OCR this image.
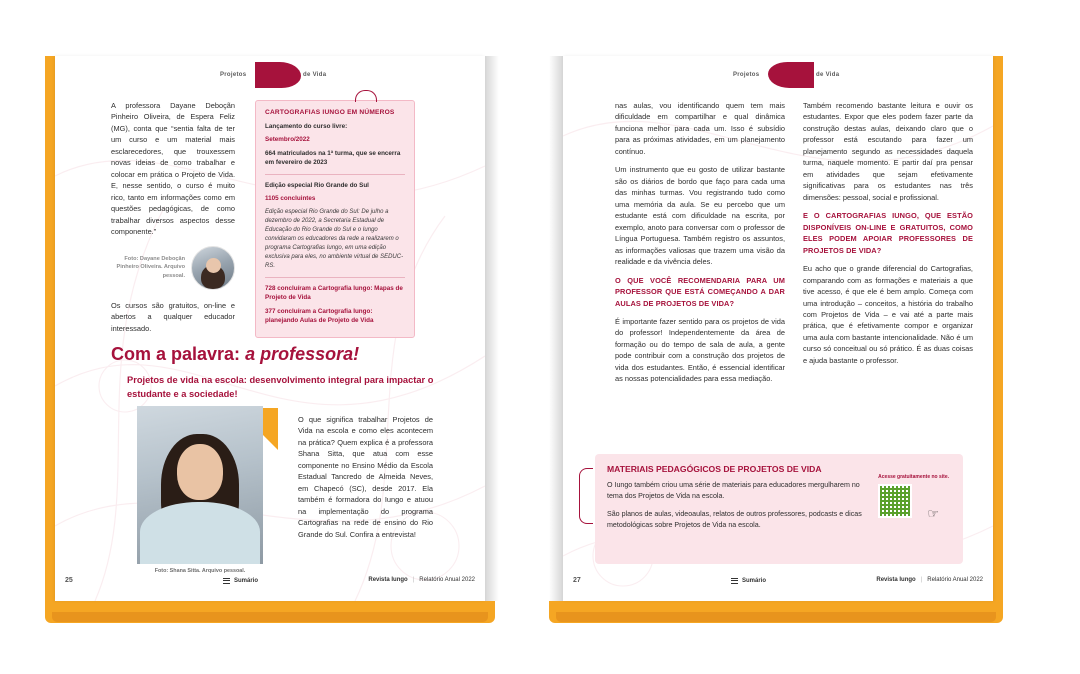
Projetos	de Vida

A professora Dayane Deboçãn Pinheiro Oliveira, de Espera Feliz (MG), conta que “sentia falta de ter um curso e um material mais esclarecedores, que trouxessem novas ideias de como trabalhar e colocar em prática o Projeto de Vida. E, nesse sentido, o curso é muito rico, tanto em informações como em questões pedagógicas, de como trabalhar diversos aspectos desse componente.”

Foto: Dayane Deboçãn Pinheiro Oliveira. Arquivo pessoal.

Os cursos são gratuitos, on-line e abertos a qualquer educador interessado.

CARTOGRAFIAS IUNGO EM NÚMEROS
Lançamento do curso livre:
Setembro/2022
664 matriculados na 1ª turma, que se encerra em fevereiro de 2023
Edição especial Rio Grande do Sul
1105 concluintes
Edição especial Rio Grande do Sul: De julho a dezembro de 2022, a Secretaria Estadual de Educação do Rio Grande do Sul e o Iungo convidaram os educadores da rede a realizarem o programa Cartografias Iungo, em uma edição exclusiva para eles, no ambiente virtual de SEDUC-RS.
728 concluíram a Cartografia Iungo: Mapas de Projeto de Vida
377 concluíram a Cartografia Iungo: planejando Aulas de Projeto de Vida
Com a palavra: a professora!
Projetos de vida na escola: desenvolvimento integral para impactar o estudante e a sociedade!
Foto: Shana Sitta. Arquivo pessoal.

O que significa trabalhar Projetos de Vida na escola e como eles acontecem na prática? Quem explica é a professora Shana Sitta, que atua com esse componente no Ensino Médio da Escola Estadual Tancredo de Almeida Neves, em Chapecó (SC), desde 2017. Ela também é formadora do Iungo e atuou na implementação do programa Cartografias na rede de ensino do Rio Grande do Sul. Confira a entrevista!

25	Sumário	Revista Iungo | Relatório Anual 2022
Projetos	de Vida

nas aulas, vou identificando quem tem mais dificuldade em compartilhar e qual dinâmica funciona melhor para cada um. Isso é subsídio para as próximas atividades, em um planejamento contínuo.

Um instrumento que eu gosto de utilizar bastante são os diários de bordo que faço para cada uma das minhas turmas. Vou registrando tudo como uma memória da aula. Se eu percebo que um estudante está com dificuldade na escrita, por exemplo, anoto para conversar com o professor de Língua Portuguesa. Também registro os assuntos, as informações valiosas que trazem uma visão da realidade e da vivência deles.

O QUE VOCÊ RECOMENDARIA PARA UM PROFESSOR QUE ESTÁ COMEÇANDO A DAR AULAS DE PROJETOS DE VIDA?

É importante fazer sentido para os projetos de vida do professor! Independentemente da área de formação ou do tempo de sala de aula, a gente pode contribuir com a construção dos projetos de vida dos estudantes. Então, é essencial identificar as nossas potencialidades para essa mediação.

Também recomendo bastante leitura e ouvir os estudantes. Expor que eles podem fazer parte da construção destas aulas, deixando claro que o professor está escutando para fazer um planejamento segundo as necessidades daquela turma, naquele momento. E partir daí pra pensar em atividades que sejam efetivamente significativas para os estudantes nas três dimensões: pessoal, social e profissional.

E O CARTOGRAFIAS IUNGO, QUE ESTÃO DISPONÍVEIS ON-LINE E GRATUITOS, COMO ELES PODEM APOIAR PROFESSORES DE PROJETOS DE VIDA?

Eu acho que o grande diferencial do Cartografias, comparando com as formações e materiais a que tive acesso, é que ele é bem amplo. Começa com uma introdução – conceitos, a história do trabalho com Projetos de Vida – e vai até a parte mais prática, que é efetivamente compor e organizar uma aula com bastante intencionalidade. Não é um curso só conceitual ou só prático. É as duas coisas e ajuda bastante o professor.

MATERIAIS PEDAGÓGICOS DE PROJETOS DE VIDA

O Iungo também criou uma série de materiais para educadores mergulharem no tema dos Projetos de Vida na escola.

São planos de aulas, videoaulas, relatos de outros professores, podcasts e dicas metodológicas sobre Projetos de Vida na escola.

Acesse gratuitamente no site.
☞
27	Sumário	Revista Iungo | Relatório Anual 2022
